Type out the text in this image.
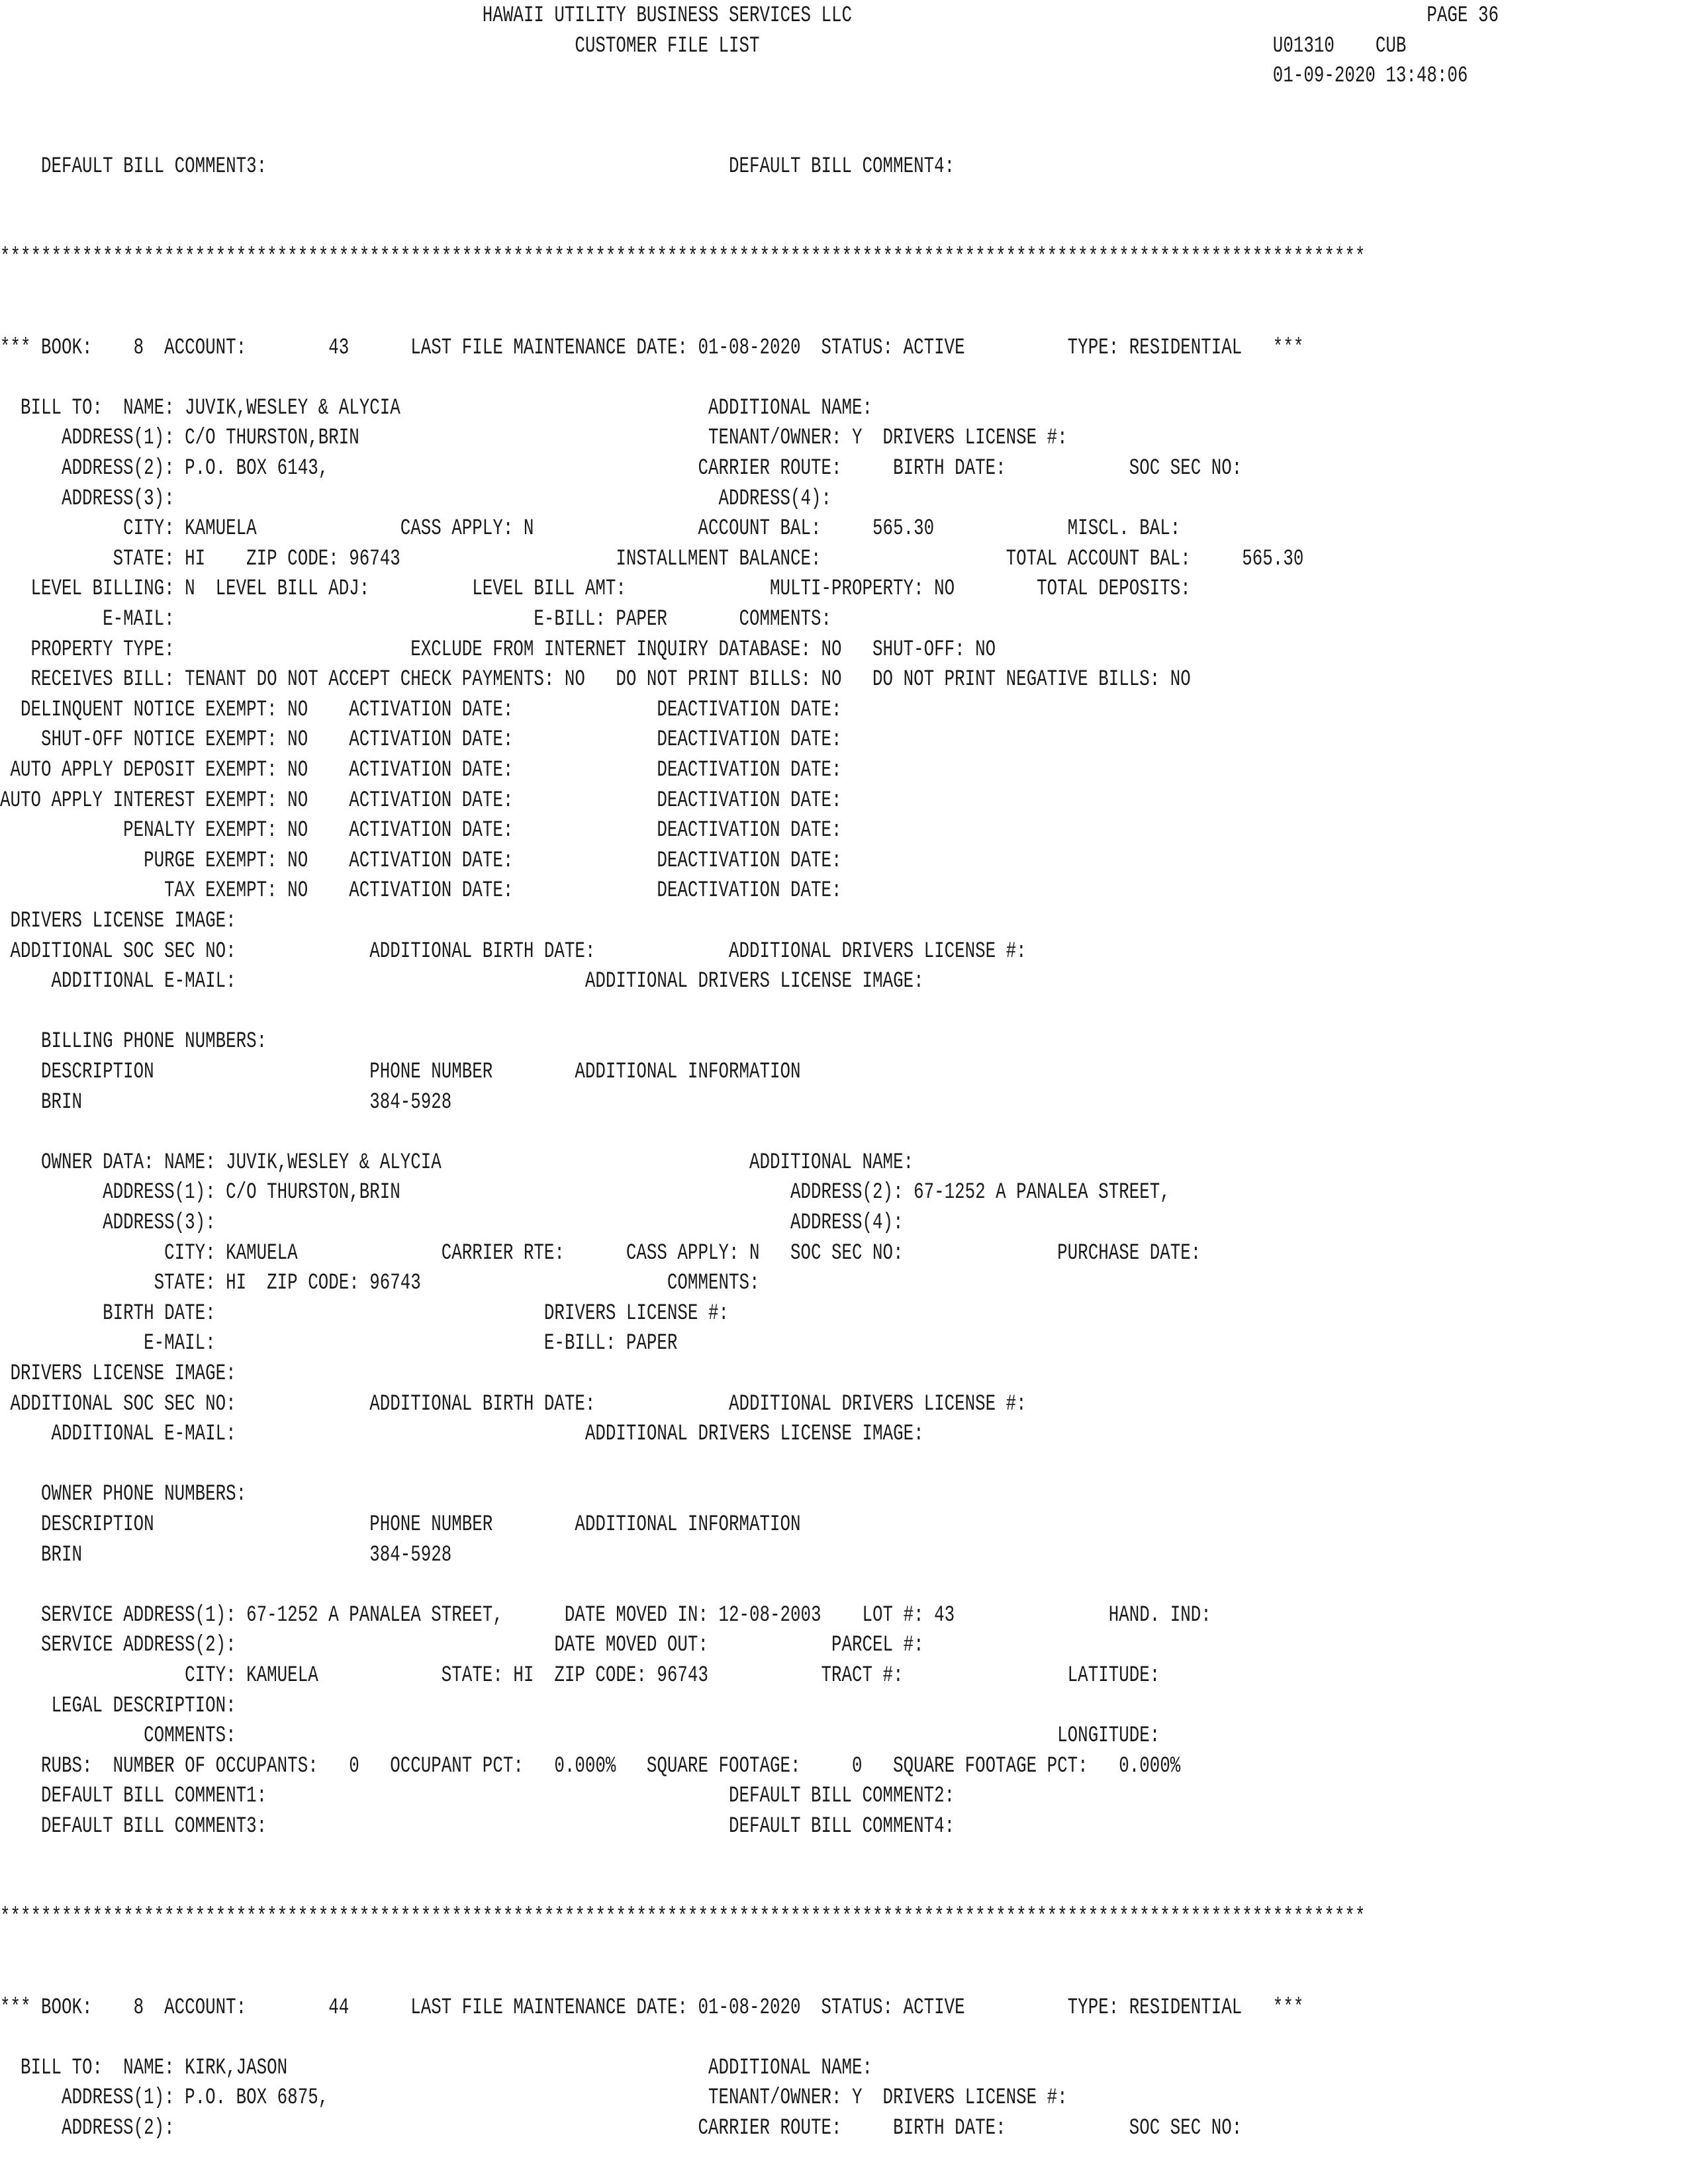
HAWAII UTILITY BUSINESS SERVICES LLC                                                        PAGE 36
CUSTOMER FILE LIST                                                  U01310    CUB
01-09-2020 13:48:06
DEFAULT BILL COMMENT3:                                             DEFAULT BILL COMMENT4:
*************************************************************************************************************************************
*** BOOK:    8  ACCOUNT:        43      LAST FILE MAINTENANCE DATE: 01-08-2020  STATUS: ACTIVE          TYPE: RESIDENTIAL   ***
BILL TO:  NAME: JUVIK,WESLEY & ALYCIA                              ADDITIONAL NAME:
ADDRESS(1): C/O THURSTON,BRIN                                  TENANT/OWNER: Y  DRIVERS LICENSE #:
ADDRESS(2): P.O. BOX 6143,                                    CARRIER ROUTE:     BIRTH DATE:            SOC SEC NO:
ADDRESS(3):                                                     ADDRESS(4):
CITY: KAMUELA              CASS APPLY: N                ACCOUNT BAL:     565.30             MISCL. BAL:
STATE: HI    ZIP CODE: 96743                     INSTALLMENT BALANCE:                  TOTAL ACCOUNT BAL:     565.30
LEVEL BILLING: N  LEVEL BILL ADJ:          LEVEL BILL AMT:              MULTI-PROPERTY: NO        TOTAL DEPOSITS:
E-MAIL:                                   E-BILL: PAPER       COMMENTS:
PROPERTY TYPE:                       EXCLUDE FROM INTERNET INQUIRY DATABASE: NO   SHUT-OFF: NO
RECEIVES BILL: TENANT DO NOT ACCEPT CHECK PAYMENTS: NO   DO NOT PRINT BILLS: NO   DO NOT PRINT NEGATIVE BILLS: NO
DELINQUENT NOTICE EXEMPT: NO    ACTIVATION DATE:              DEACTIVATION DATE:
SHUT-OFF NOTICE EXEMPT: NO    ACTIVATION DATE:              DEACTIVATION DATE:
AUTO APPLY DEPOSIT EXEMPT: NO    ACTIVATION DATE:              DEACTIVATION DATE:
AUTO APPLY INTEREST EXEMPT: NO    ACTIVATION DATE:              DEACTIVATION DATE:
PENALTY EXEMPT: NO    ACTIVATION DATE:              DEACTIVATION DATE:
PURGE EXEMPT: NO    ACTIVATION DATE:              DEACTIVATION DATE:
TAX EXEMPT: NO    ACTIVATION DATE:              DEACTIVATION DATE:
DRIVERS LICENSE IMAGE:
ADDITIONAL SOC SEC NO:             ADDITIONAL BIRTH DATE:             ADDITIONAL DRIVERS LICENSE #:
ADDITIONAL E-MAIL:                                  ADDITIONAL DRIVERS LICENSE IMAGE:
BILLING PHONE NUMBERS:
DESCRIPTION                     PHONE NUMBER        ADDITIONAL INFORMATION
BRIN                            384-5928
OWNER DATA: NAME: JUVIK,WESLEY & ALYCIA                              ADDITIONAL NAME:
ADDRESS(1): C/O THURSTON,BRIN                                      ADDRESS(2): 67-1252 A PANALEA STREET,
ADDRESS(3):                                                        ADDRESS(4):
CITY: KAMUELA              CARRIER RTE:      CASS APPLY: N   SOC SEC NO:               PURCHASE DATE:
STATE: HI  ZIP CODE: 96743                        COMMENTS:
BIRTH DATE:                                DRIVERS LICENSE #:
E-MAIL:                                E-BILL: PAPER
DRIVERS LICENSE IMAGE:
ADDITIONAL SOC SEC NO:             ADDITIONAL BIRTH DATE:             ADDITIONAL DRIVERS LICENSE #:
ADDITIONAL E-MAIL:                                  ADDITIONAL DRIVERS LICENSE IMAGE:
OWNER PHONE NUMBERS:
DESCRIPTION                     PHONE NUMBER        ADDITIONAL INFORMATION
BRIN                            384-5928
SERVICE ADDRESS(1): 67-1252 A PANALEA STREET,      DATE MOVED IN: 12-08-2003    LOT #: 43               HAND. IND:
SERVICE ADDRESS(2):                               DATE MOVED OUT:            PARCEL #:
CITY: KAMUELA            STATE: HI  ZIP CODE: 96743           TRACT #:                LATITUDE:
LEGAL DESCRIPTION:
COMMENTS:                                                                                LONGITUDE:
RUBS:  NUMBER OF OCCUPANTS:   0   OCCUPANT PCT:   0.000%   SQUARE FOOTAGE:     0   SQUARE FOOTAGE PCT:   0.000%
DEFAULT BILL COMMENT1:                                             DEFAULT BILL COMMENT2:
DEFAULT BILL COMMENT3:                                             DEFAULT BILL COMMENT4:
*************************************************************************************************************************************
*** BOOK:    8  ACCOUNT:        44      LAST FILE MAINTENANCE DATE: 01-08-2020  STATUS: ACTIVE          TYPE: RESIDENTIAL   ***
BILL TO:  NAME: KIRK,JASON                                         ADDITIONAL NAME:
ADDRESS(1): P.O. BOX 6875,                                     TENANT/OWNER: Y  DRIVERS LICENSE #:
ADDRESS(2):                                                   CARRIER ROUTE:     BIRTH DATE:            SOC SEC NO:
